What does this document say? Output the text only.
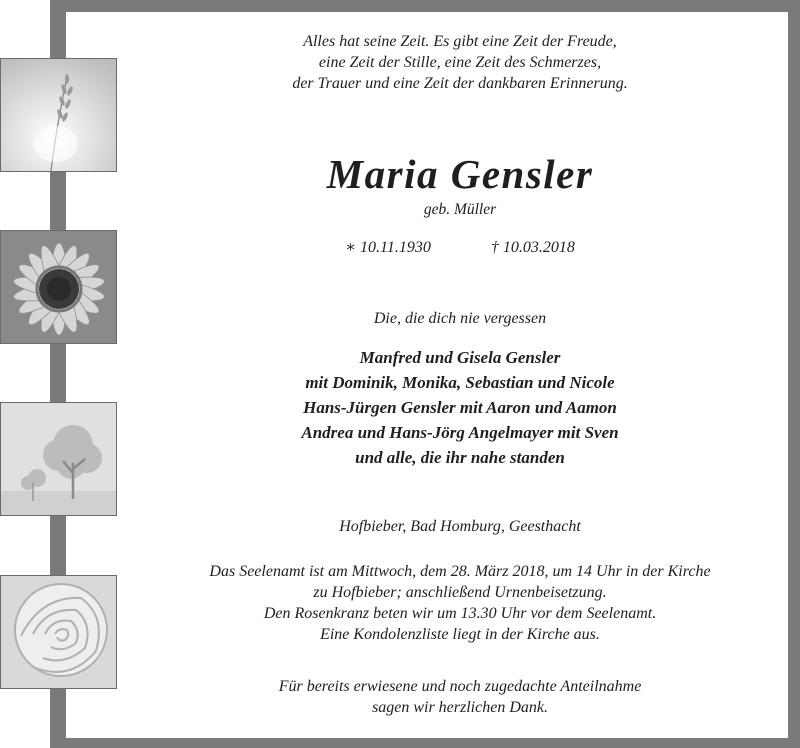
Alles hat seine Zeit. Es gibt eine Zeit der Freude,
eine Zeit der Stille, eine Zeit des Schmerzes,
der Trauer und eine Zeit der dankbaren Erinnerung.
Maria Gensler
geb. Müller
∗ 10.11.1930	† 10.03.2018
Die, die dich nie vergessen
Manfred und Gisela Gensler
mit Dominik, Monika, Sebastian und Nicole
Hans-Jürgen Gensler mit Aaron und Aamon
Andrea und Hans-Jörg Angelmayer mit Sven
und alle, die ihr nahe standen
Hofbieber, Bad Homburg, Geesthacht
Das Seelenamt ist am Mittwoch, dem 28. März 2018, um 14 Uhr in der Kirche
zu Hofbieber; anschließend Urnenbeisetzung.
Den Rosenkranz beten wir um 13.30 Uhr vor dem Seelenamt.
Eine Kondolenzliste liegt in der Kirche aus.
Für bereits erwiesene und noch zugedachte Anteilnahme
sagen wir herzlichen Dank.
